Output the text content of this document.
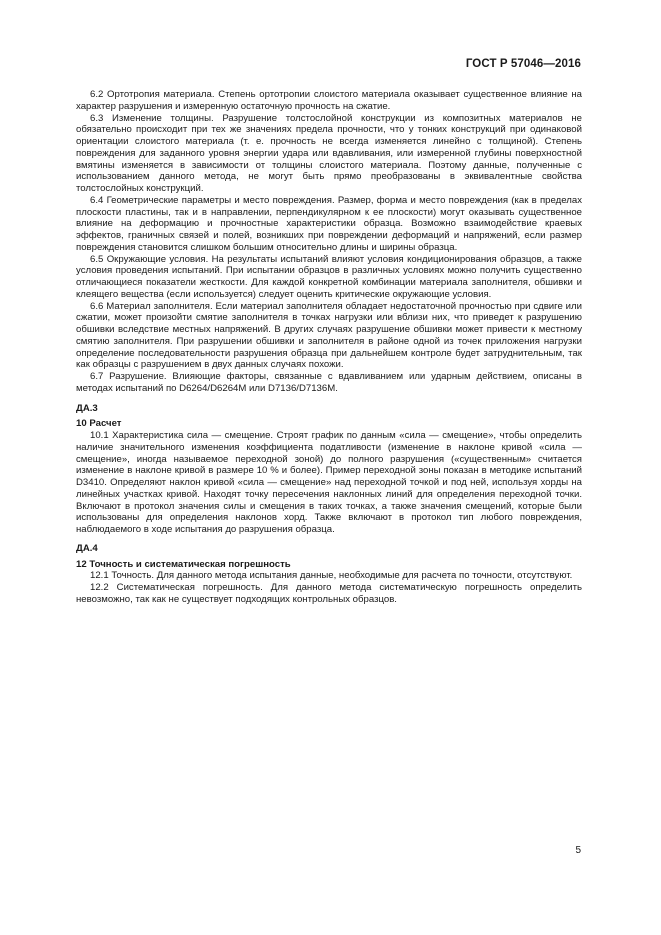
ГОСТ Р 57046—2016

6.2 Ортотропия материала. Степень ортотропии слоистого материала оказывает существенное влияние на характер разрушения и измеренную остаточную прочность на сжатие.

6.3 Изменение толщины. Разрушение толстослойной конструкции из композитных материалов не обязательно происходит при тех же значениях предела прочности, что у тонких конструкций при одинаковой ориентации слоистого материала (т. е. прочность не всегда изменяется линейно с толщиной). Степень повреждения для заданного уровня энергии удара или вдавливания, или измеренной глубины поверхностной вмятины изменяется в зависимости от толщины слоистого материала. Поэтому данные, полученные с использованием данного метода, не могут быть прямо преобразованы в эквивалентные свойства толстослойных конструкций.

6.4 Геометрические параметры и место повреждения. Размер, форма и место повреждения (как в пределах плоскости пластины, так и в направлении, перпендикулярном к ее плоскости) могут оказывать существенное влияние на деформацию и прочностные характеристики образца. Возможно взаимодействие краевых эффектов, граничных связей и полей, возникших при повреждении деформаций и напряжений, если размер повреждения становится слишком большим относительно длины и ширины образца.

6.5 Окружающие условия. На результаты испытаний влияют условия кондиционирования образцов, а также условия проведения испытаний. При испытании образцов в различных условиях можно получить существенно отличающиеся показатели жесткости. Для каждой конкретной комбинации материала заполнителя, обшивки и клеящего вещества (если используется) следует оценить критические окружающие условия.

6.6 Материал заполнителя. Если материал заполнителя обладает недостаточной прочностью при сдвиге или сжатии, может произойти смятие заполнителя в точках нагрузки или вблизи них, что приведет к разрушению обшивки вследствие местных напряжений. В других случаях разрушение обшивки может привести к местному смятию заполнителя. При разрушении обшивки и заполнителя в районе одной из точек приложения нагрузки определение последовательности разрушения образца при дальнейшем контроле будет затруднительным, так как образцы с разрушением в двух данных случаях похожи.

6.7 Разрушение. Влияющие факторы, связанные с вдавливанием или ударным действием, описаны в методах испытаний по D6264/D6264M или D7136/D7136M.

ДА.3
10 Расчет

10.1 Характеристика сила — смещение. Строят график по данным «сила — смещение», чтобы определить наличие значительного изменения коэффициента податливости (изменение в наклоне кривой «сила — смещение», иногда называемое переходной зоной) до полного разрушения («существенным» считается изменение в наклоне кривой в размере 10 % и более). Пример переходной зоны показан в методике испытаний D3410. Определяют наклон кривой «сила — смещение» над переходной точкой и под ней, используя хорды на линейных участках кривой. Находят точку пересечения наклонных линий для определения переходной точки. Включают в протокол значения силы и смещения в таких точках, а также значения смещений, которые были использованы для определения наклонов хорд. Также включают в протокол тип любого повреждения, наблюдаемого в ходе испытания до разрушения образца.

ДА.4
12 Точность и систематическая погрешность

12.1 Точность. Для данного метода испытания данные, необходимые для расчета по точности, отсутствуют.

12.2 Систематическая погрешность. Для данного метода систематическую погрешность определить невозможно, так как не существует подходящих контрольных образцов.

5
